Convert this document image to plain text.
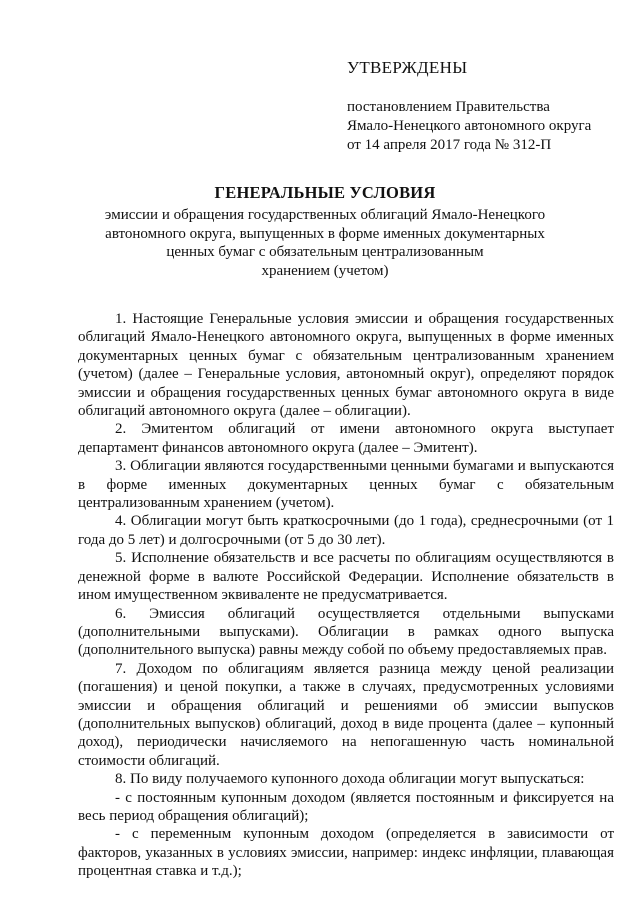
УТВЕРЖДЕНЫ
постановлением Правительства
Ямало-Ненецкого автономного округа
от 14 апреля 2017 года № 312-П
ГЕНЕРАЛЬНЫЕ УСЛОВИЯ
эмиссии и обращения государственных облигаций Ямало-Ненецкого
автономного округа, выпущенных в форме именных документарных
ценных бумаг с обязательным централизованным
хранением (учетом)

1. Настоящие Генеральные условия эмиссии и обращения государственных облигаций Ямало-Ненецкого автономного округа, выпущенных в форме именных документарных ценных бумаг с обязательным централизованным хранением (учетом) (далее – Генеральные условия, автономный округ), определяют порядок эмиссии и обращения государственных ценных бумаг автономного округа в виде облигаций автономного округа (далее – облигации).

2. Эмитентом облигаций от имени автономного округа выступает департамент финансов автономного округа (далее – Эмитент).

3. Облигации являются государственными ценными бумагами и выпускаются в форме именных документарных ценных бумаг с обязательным централизованным хранением (учетом).

4. Облигации могут быть краткосрочными (до 1 года), среднесрочными (от 1 года до 5 лет) и долгосрочными (от 5 до 30 лет).

5. Исполнение обязательств и все расчеты по облигациям осуществляются в денежной форме в валюте Российской Федерации. Исполнение обязательств в ином имущественном эквиваленте не предусматривается.

6. Эмиссия облигаций осуществляется отдельными выпусками (дополнительными выпусками). Облигации в рамках одного выпуска (дополнительного выпуска) равны между собой по объему предоставляемых прав.

7. Доходом по облигациям является разница между ценой реализации (погашения) и ценой покупки, а также в случаях, предусмотренных условиями эмиссии и обращения облигаций и решениями об эмиссии выпусков (дополнительных выпусков) облигаций, доход в виде процента (далее – купонный доход), периодически начисляемого на непогашенную часть номинальной стоимости облигаций.

8. По виду получаемого купонного дохода облигации могут выпускаться:

- с постоянным купонным доходом (является постоянным и фиксируется на весь период обращения облигаций);

- с переменным купонным доходом (определяется в зависимости от факторов, указанных в условиях эмиссии, например: индекс инфляции, плавающая процентная ставка и т.д.);
